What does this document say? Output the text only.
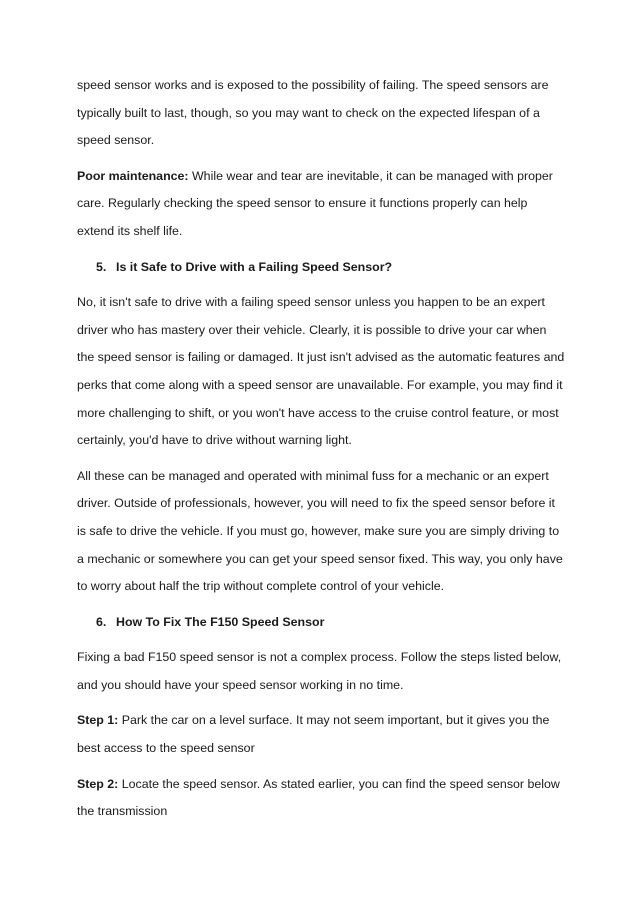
speed sensor works and is exposed to the possibility of failing. The speed sensors are typically built to last, though, so you may want to check on the expected lifespan of a speed sensor.

Poor maintenance: While wear and tear are inevitable, it can be managed with proper care. Regularly checking the speed sensor to ensure it functions properly can help extend its shelf life.

5. Is it Safe to Drive with a Failing Speed Sensor?

No, it isn't safe to drive with a failing speed sensor unless you happen to be an expert driver who has mastery over their vehicle. Clearly, it is possible to drive your car when the speed sensor is failing or damaged. It just isn't advised as the automatic features and perks that come along with a speed sensor are unavailable. For example, you may find it more challenging to shift, or you won't have access to the cruise control feature, or most certainly, you'd have to drive without warning light.

All these can be managed and operated with minimal fuss for a mechanic or an expert driver. Outside of professionals, however, you will need to fix the speed sensor before it is safe to drive the vehicle. If you must go, however, make sure you are simply driving to a mechanic or somewhere you can get your speed sensor fixed. This way, you only have to worry about half the trip without complete control of your vehicle.

6. How To Fix The F150 Speed Sensor

Fixing a bad F150 speed sensor is not a complex process. Follow the steps listed below, and you should have your speed sensor working in no time.

Step 1: Park the car on a level surface. It may not seem important, but it gives you the best access to the speed sensor

Step 2: Locate the speed sensor. As stated earlier, you can find the speed sensor below the transmission
